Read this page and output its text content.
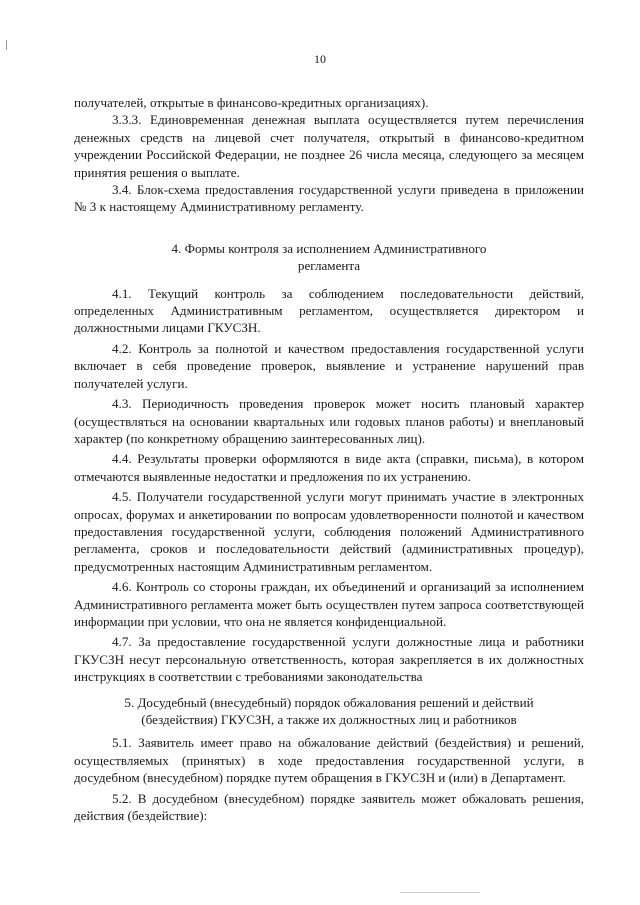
10

получателей, открытые в финансово-кредитных организациях).

3.3.3. Единовременная денежная выплата осуществляется путем перечисления денежных средств на лицевой счет получателя, открытый в финансово-кредитном учреждении Российской Федерации, не позднее 26 числа месяца, следующего за месяцем принятия решения о выплате.

3.4. Блок-схема предоставления государственной услуги приведена в приложении № 3 к настоящему Административному регламенту.

4. Формы контроля за исполнением Административного
регламента

4.1. Текущий контроль за соблюдением последовательности действий, определенных Административным регламентом, осуществляется директором и должностными лицами ГКУСЗН.

4.2. Контроль за полнотой и качеством предоставления государственной услуги включает в себя проведение проверок, выявление и устранение нарушений прав получателей услуги.

4.3. Периодичность проведения проверок может носить плановый характер (осуществляться на основании квартальных или годовых планов работы) и внеплановый характер (по конкретному обращению заинтересованных лиц).

4.4. Результаты проверки оформляются в виде акта (справки, письма), в котором отмечаются выявленные недостатки и предложения по их устранению.

4.5. Получатели государственной услуги могут принимать участие в электронных опросах, форумах и анкетировании по вопросам удовлетворенности полнотой и качеством предоставления государственной услуги, соблюдения положений Административного регламента, сроков и последовательности действий (административных процедур), предусмотренных настоящим Административным регламентом.

4.6. Контроль со стороны граждан, их объединений и организаций за исполнением Административного регламента может быть осуществлен путем запроса соответствующей информации при условии, что она не является конфиденциальной.

4.7. За предоставление государственной услуги должностные лица и работники ГКУСЗН несут персональную ответственность, которая закрепляется в их должностных инструкциях в соответствии с требованиями законодательства

5. Досудебный (внесудебный) порядок обжалования решений и действий
(бездействия) ГКУСЗН, а также их должностных лиц и работников

5.1. Заявитель имеет право на обжалование действий (бездействия) и решений, осуществляемых (принятых) в ходе предоставления государственной услуги, в досудебном (внесудебном) порядке путем обращения в ГКУСЗН и (или) в Департамент.

5.2. В досудебном (внесудебном) порядке заявитель может обжаловать решения, действия (бездействие):
